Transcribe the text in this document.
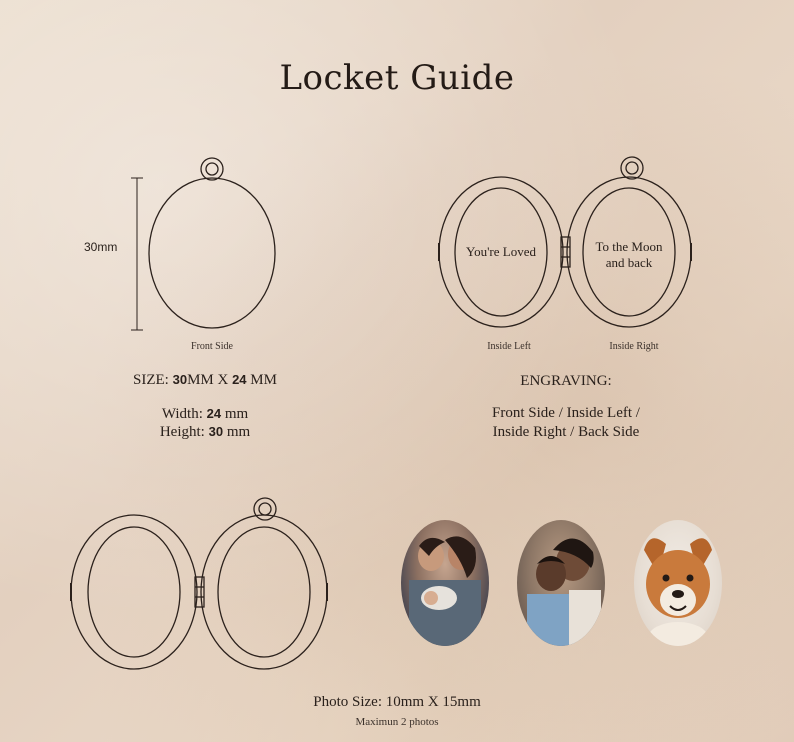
Locket Guide
30mm
Front Side
SIZE: 30MM X 24 MM
Width: 24 mm
Height: 30 mm
You're Loved	To the Moon
and back
Inside Left	Inside Right
ENGRAVING:
Front Side / Inside Left /
Inside Right / Back Side
Photo Size: 10mm X 15mm
Maximun 2 photos
